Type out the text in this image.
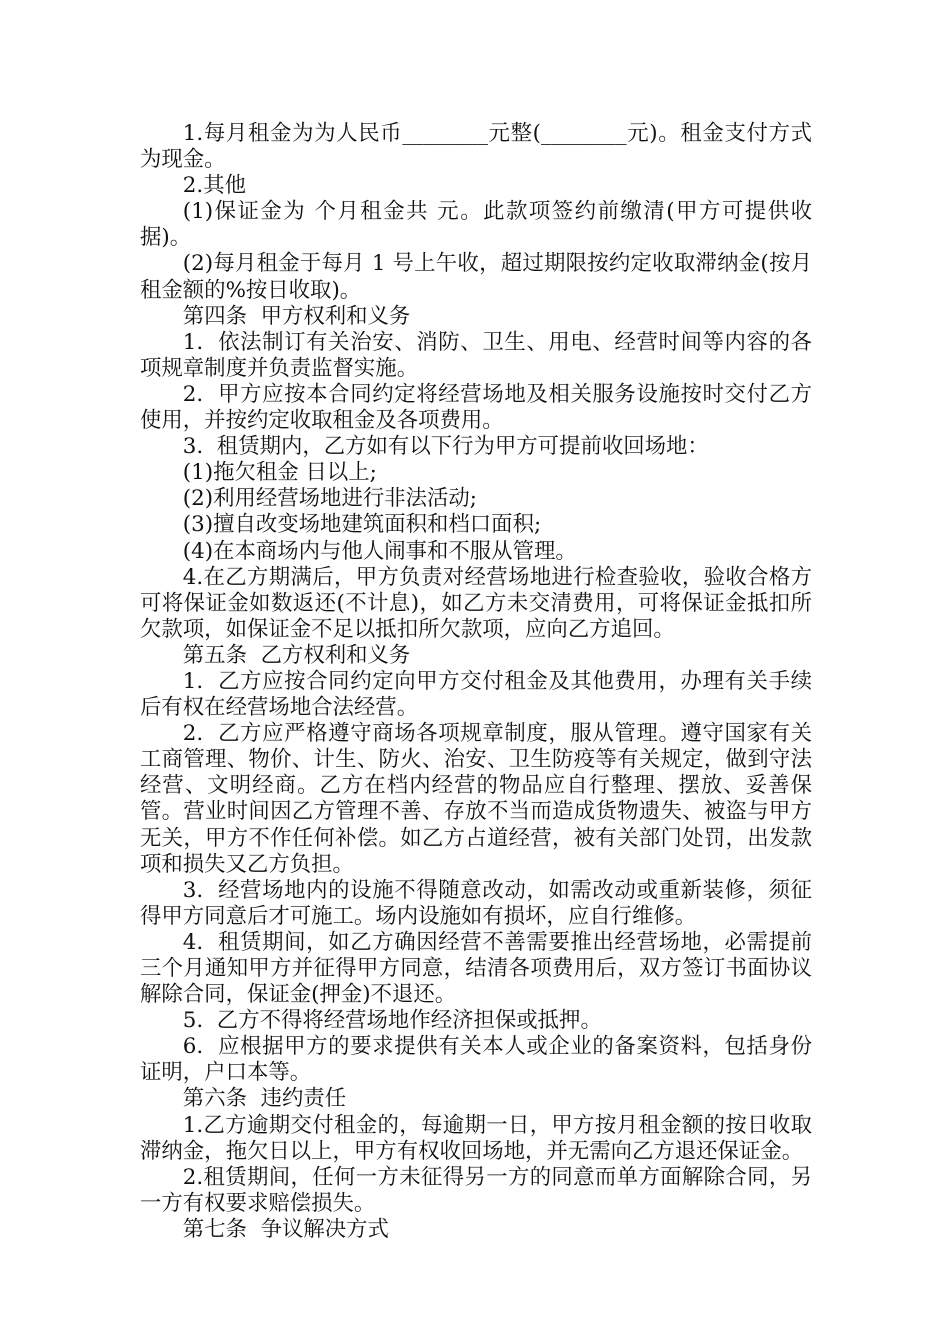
1.每月租金为为人民币________元整(________元)。租金支付方式为现金。

2.其他

(1)保证金为 个月租金共 元。此款项签约前缴清(甲方可提供收据)。

(2)每月租金于每月 1 号上午收，超过期限按约定收取滞纳金(按月租金额的%按日收取)。

第四条  甲方权利和义务

1.  依法制订有关治安、消防、卫生、用电、经营时间等内容的各项规章制度并负责监督实施。

2.  甲方应按本合同约定将经营场地及相关服务设施按时交付乙方使用，并按约定收取租金及各项费用。

3.  租赁期内，乙方如有以下行为甲方可提前收回场地：

(1)拖欠租金 日以上;

(2)利用经营场地进行非法活动;

(3)擅自改变场地建筑面积和档口面积;

(4)在本商场内与他人闹事和不服从管理。

4.在乙方期满后，甲方负责对经营场地进行检查验收，验收合格方可将保证金如数返还(不计息)，如乙方未交清费用，可将保证金抵扣所欠款项，如保证金不足以抵扣所欠款项，应向乙方追回。

第五条  乙方权利和义务

1.  乙方应按合同约定向甲方交付租金及其他费用，办理有关手续后有权在经营场地合法经营。

2.  乙方应严格遵守商场各项规章制度，服从管理。遵守国家有关工商管理、物价、计生、防火、治安、卫生防疫等有关规定，做到守法经营、文明经商。乙方在档内经营的物品应自行整理、摆放、妥善保管。营业时间因乙方管理不善、存放不当而造成货物遗失、被盗与甲方无关，甲方不作任何补偿。如乙方占道经营，被有关部门处罚，出发款项和损失又乙方负担。

3.  经营场地内的设施不得随意改动，如需改动或重新装修，须征得甲方同意后才可施工。场内设施如有损坏，应自行维修。

4.  租赁期间，如乙方确因经营不善需要推出经营场地，必需提前三个月通知甲方并征得甲方同意，结清各项费用后，双方签订书面协议解除合同，保证金(押金)不退还。

5.  乙方不得将经营场地作经济担保或抵押。

6.  应根据甲方的要求提供有关本人或企业的备案资料，包括身份证明，户口本等。

第六条  违约责任

1.乙方逾期交付租金的，每逾期一日，甲方按月租金额的按日收取滞纳金，拖欠日以上，甲方有权收回场地，并无需向乙方退还保证金。

2.租赁期间，任何一方未征得另一方的同意而单方面解除合同，另一方有权要求赔偿损失。

第七条  争议解决方式
